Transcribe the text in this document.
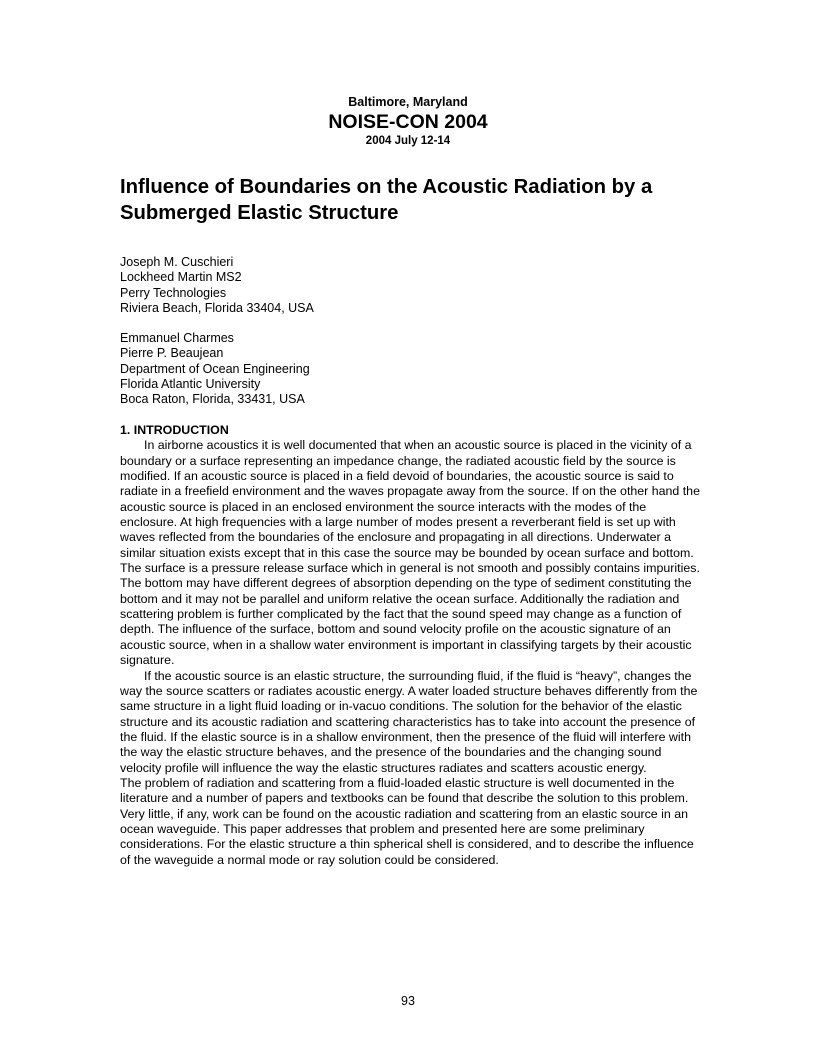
Baltimore, Maryland
NOISE-CON 2004
2004 July 12-14
Influence of Boundaries on the Acoustic Radiation by a Submerged Elastic Structure
Joseph M. Cuschieri
Lockheed Martin MS2
Perry Technologies
Riviera Beach, Florida 33404, USA
Emmanuel Charmes
Pierre P. Beaujean
Department of Ocean Engineering
Florida Atlantic University
Boca Raton, Florida, 33431, USA
1. INTRODUCTION

In airborne acoustics it is well documented that when an acoustic source is placed in the vicinity of a boundary or a surface representing an impedance change, the radiated acoustic field by the source is modified. If an acoustic source is placed in a field devoid of boundaries, the acoustic source is said to radiate in a freefield environment and the waves propagate away from the source. If on the other hand the acoustic source is placed in an enclosed environment the source interacts with the modes of the enclosure. At high frequencies with a large number of modes present a reverberant field is set up with waves reflected from the boundaries of the enclosure and propagating in all directions. Underwater a similar situation exists except that in this case the source may be bounded by ocean surface and bottom. The surface is a pressure release surface which in general is not smooth and possibly contains impurities. The bottom may have different degrees of absorption depending on the type of sediment constituting the bottom and it may not be parallel and uniform relative the ocean surface. Additionally the radiation and scattering problem is further complicated by the fact that the sound speed may change as a function of depth. The influence of the surface, bottom and sound velocity profile on the acoustic signature of an acoustic source, when in a shallow water environment is important in classifying targets by their acoustic signature.

If the acoustic source is an elastic structure, the surrounding fluid, if the fluid is “heavy”, changes the way the source scatters or radiates acoustic energy. A water loaded structure behaves differently from the same structure in a light fluid loading or in-vacuo conditions. The solution for the behavior of the elastic structure and its acoustic radiation and scattering characteristics has to take into account the presence of the fluid. If the elastic source is in a shallow environment, then the presence of the fluid will interfere with the way the elastic structure behaves, and the presence of the boundaries and the changing sound velocity profile will influence the way the elastic structures radiates and scatters acoustic energy.

The problem of radiation and scattering from a fluid-loaded elastic structure is well documented in the literature and a number of papers and textbooks can be found that describe the solution to this problem. Very little, if any, work can be found on the acoustic radiation and scattering from an elastic source in an ocean waveguide. This paper addresses that problem and presented here are some preliminary considerations. For the elastic structure a thin spherical shell is considered, and to describe the influence of the waveguide a normal mode or ray solution could be considered.

93
